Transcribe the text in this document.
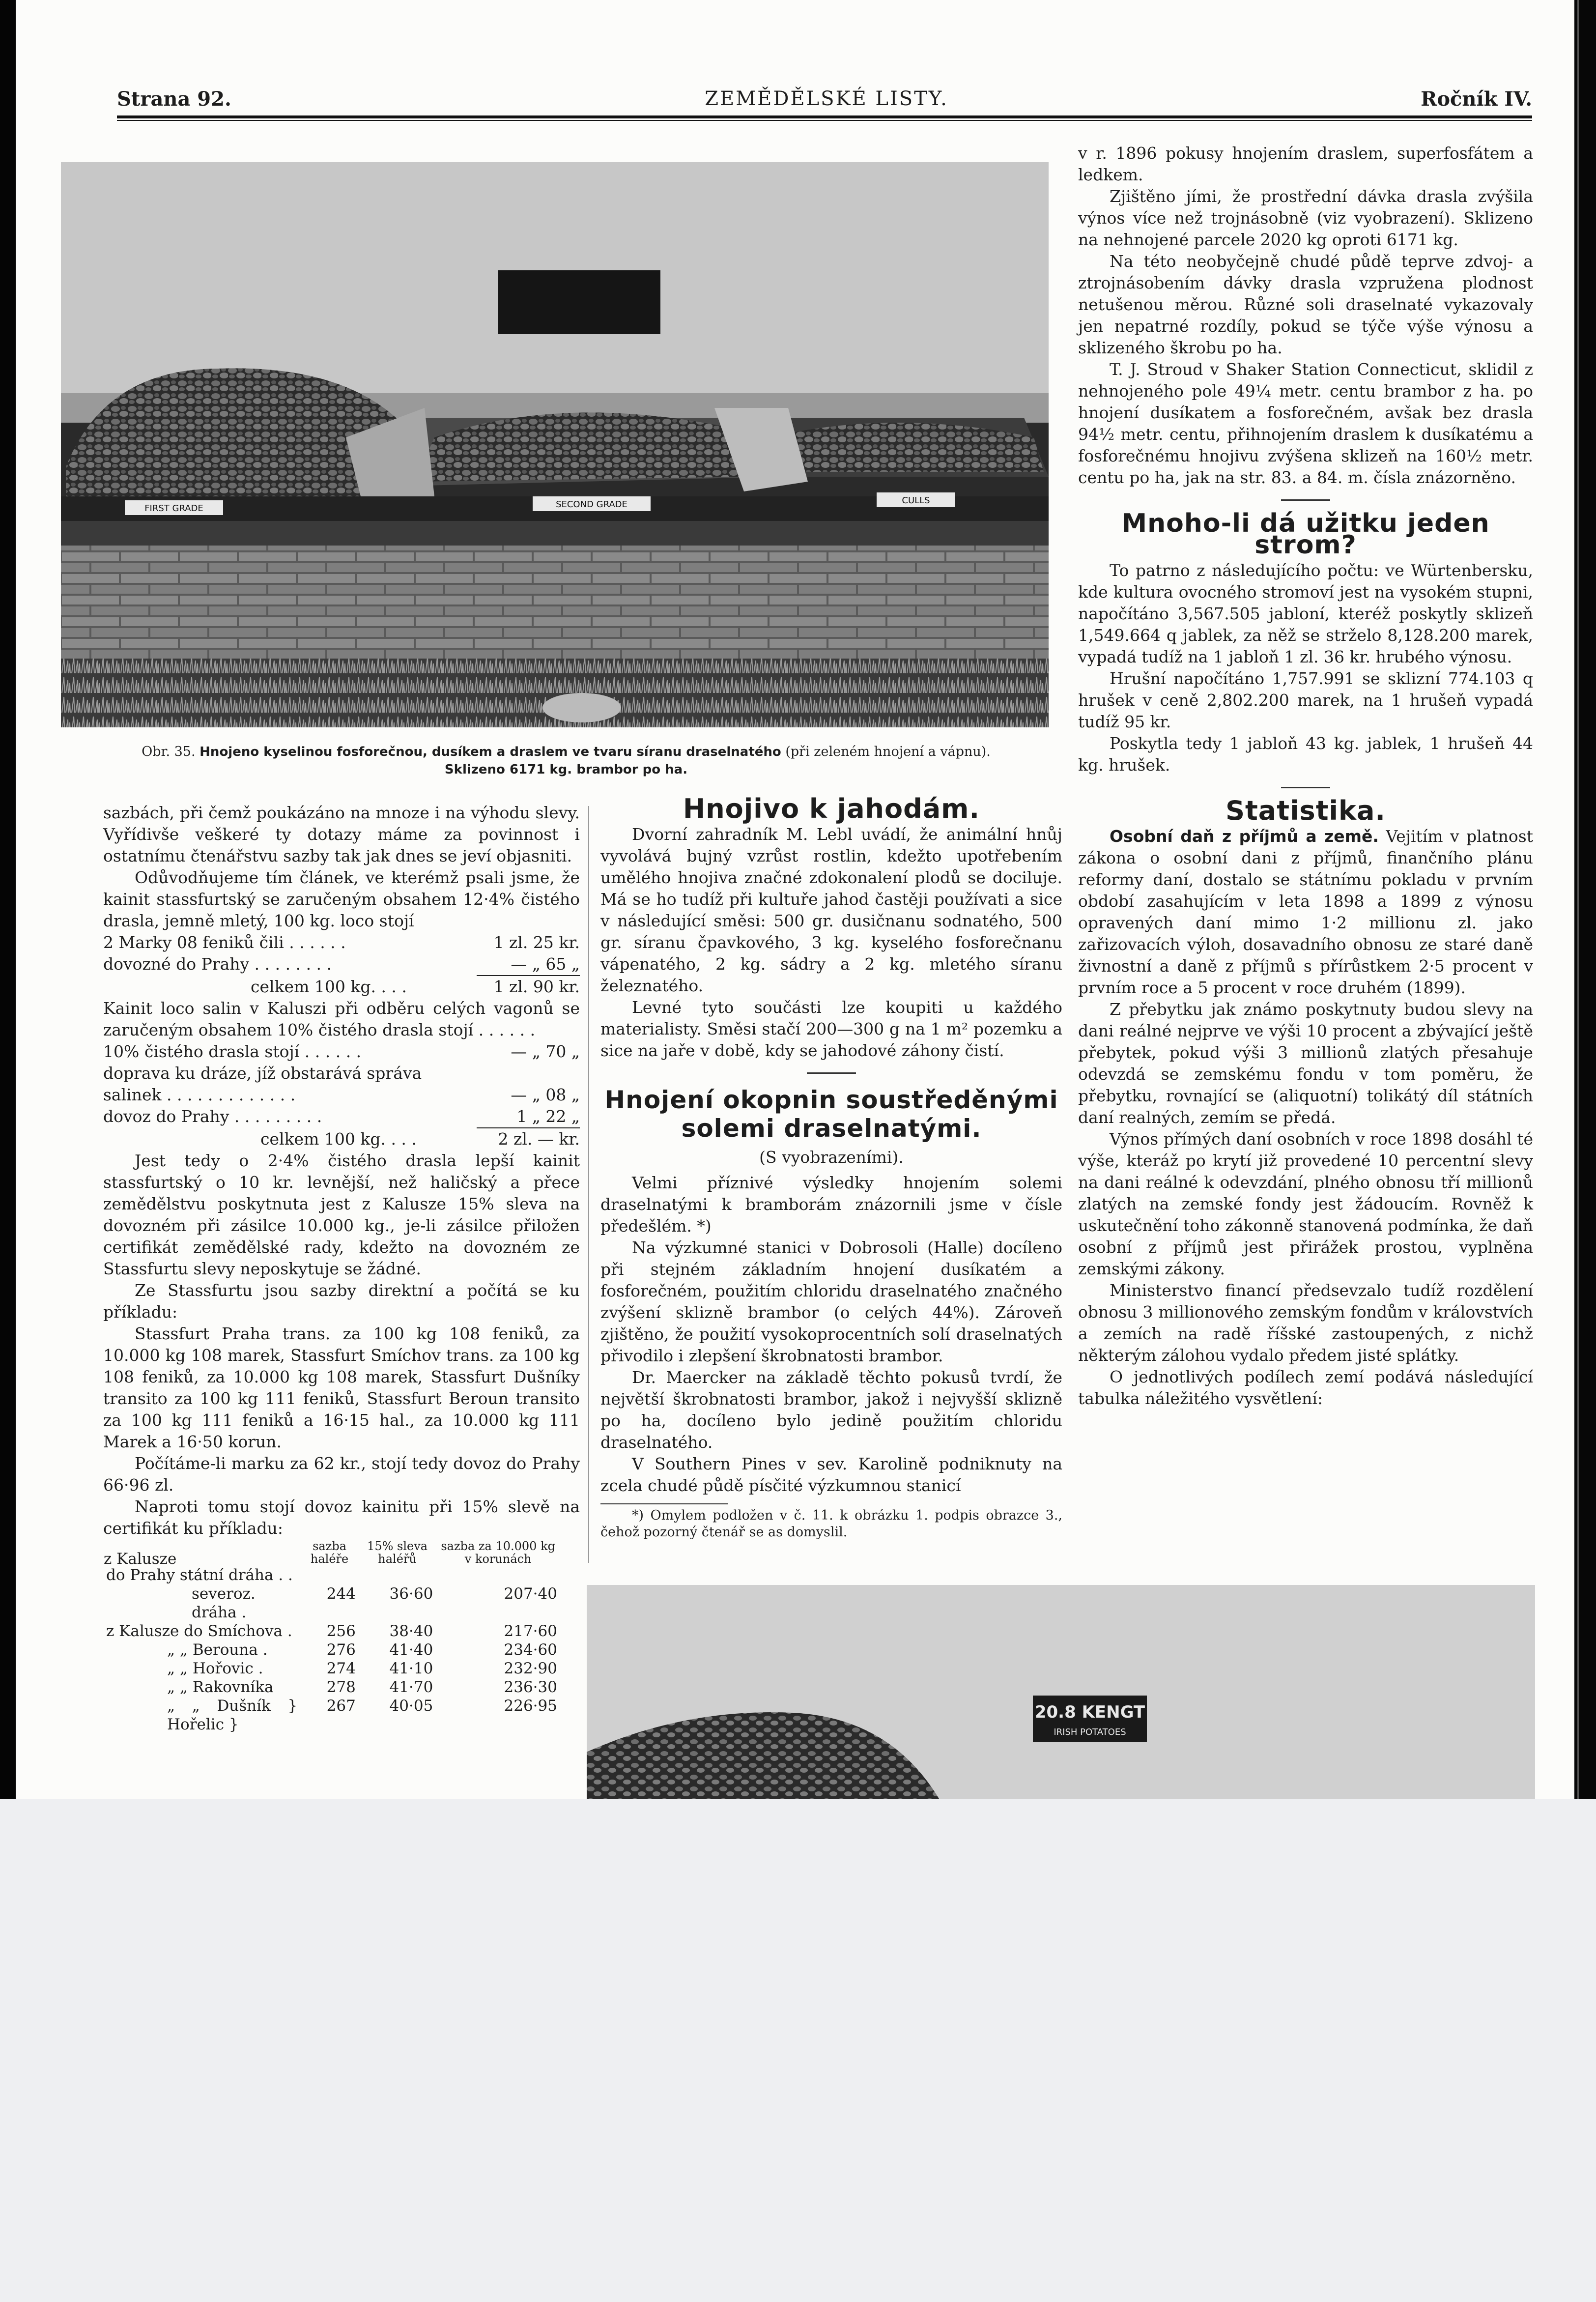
Strana 92.	ZEMĚDĚLSKÉ LISTY.	Ročník IV.
FIRST GRADE	SECOND GRADE	CULLS
Obr. 35. Hnojeno kyselinou fosforečnou, dusíkem a draslem ve tvaru síranu draselnatého (při zeleném hnojení a vápnu).
Sklizeno 6171 kg. brambor po ha.

sazbách, při čemž poukázáno na mnoze i na výhodu slevy. Vyřídivše veškeré ty dotazy máme za povinnost i ostatnímu čtenářstvu sazby tak jak dnes se jeví objasniti.

Odůvodňujeme tím článek, ve kterémž psali jsme, že kainit stassfurtský se zaručeným obsahem 12·4% čistého drasla, jemně mletý, 100 kg. loco stojí

2 Marky 08 feniků čili . . . . . .	1 zl. 25 kr.
dovozné do Prahy . . . . . . . .	— „ 65 „
celkem 100 kg. . . .	1 zl. 90 kr.

Kainit loco salin v Kaluszi při odběru celých vagonů se zaručeným obsahem 10% čistého drasla stojí . . . . . .

10% čistého drasla stojí . . . . . .	— „ 70 „
doprava ku dráze, jíž obstarává správa
salinek . . . . . . . . . . . . .	— „ 08 „
dovoz do Prahy . . . . . . . . .	1 „ 22 „
celkem 100 kg. . . .	2 zl. — kr.

Jest tedy o 2·4% čistého drasla lepší kainit stassfurtský o 10 kr. levnější, než haličský a přece zemědělstvu poskytnuta jest z Kalusze 15% sleva na dovozném při zásilce 10.000 kg., je-li zásilce přiložen certifikát zemědělské rady, kdežto na dovozném ze Stassfurtu slevy neposkytuje se žádné.

Ze Stassfurtu jsou sazby direktní a počítá se ku příkladu:

Stassfurt Praha trans. za 100 kg 108 feniků, za 10.000 kg 108 marek, Stassfurt Smíchov trans. za 100 kg 108 feniků, za 10.000 kg 108 marek, Stassfurt Dušníky transito za 100 kg 111 feniků, Stassfurt Beroun transito za 100 kg 111 feniků a 16·15 hal., za 10.000 kg 111 Marek a 16·50 korun.

Počítáme-li marku za 62 kr., stojí tedy dovoz do Prahy 66·96 zl.

Naproti tomu stojí dovoz kainitu při 15% slevě na certifikát ku příkladu:

z Kalusze	sazba haléře	15% sleva haléřů	sazba za 10.000 kg v korunách
do Prahy státní dráha . .	244	36·60	207·40
severoz. dráha .			
z Kalusze do Smíchova .	256	38·40	217·60
„ „ Berouna .	276	41·40	234·60
„ „ Hořovic .	274	41·10	232·90
„ „ Rakovníka	278	41·70	236·30
„ „ Dušník } Hořelic }	267	40·05	226·95
Hnojivo k jahodám.

Dvorní zahradník M. Lebl uvádí, že animální hnůj vyvolává bujný vzrůst rostlin, kdežto upotřebením umělého hnojiva značné zdokonalení plodů se dociluje. Má se ho tudíž při kultuře jahod častěji používati a sice v následující směsi: 500 gr. dusičnanu sodnatého, 500 gr. síranu čpavkového, 3 kg. kyselého fosforečnanu vápenatého, 2 kg. sádry a 2 kg. mletého síranu železnatého.

Levné tyto součásti lze koupiti u každého materialisty. Směsi stačí 200—300 g na 1 m² pozemku a sice na jaře v době, kdy se jahodové záhony čistí.

Hnojení okopnin soustředěnými solemi draselnatými.
(S vyobrazeními).

Velmi příznivé výsledky hnojením solemi draselnatými k bramborám znázornili jsme v čísle předešlém. *)

Na výzkumné stanici v Dobrosoli (Halle) docíleno při stejném základním hnojení dusíkatém a fosforečném, použitím chloridu draselnatého značného zvýšení sklizně brambor (o celých 44%). Zároveň zjištěno, že použití vysokoprocentních solí draselnatých přivodilo i zlepšení škrobnatosti brambor.

Dr. Maercker na základě těchto pokusů tvrdí, že největší škrobnatosti brambor, jakož i nejvyšší sklizně po ha, docíleno bylo jedině použitím chloridu draselnatého.

V Southern Pines v sev. Karolině podniknuty na zcela chudé půdě písčité výzkumnou stanicí

*) Omylem podložen v č. 11. k obrázku 1. podpis obrazce 3., čehož pozorný čtenář se as domyslil.

v r. 1896 pokusy hnojením draslem, superfosfátem a ledkem.

Zjištěno jími, že prostřední dávka drasla zvýšila výnos více než trojnásobně (viz vyobrazení). Sklizeno na nehnojené parcele 2020 kg oproti 6171 kg.

Na této neobyčejně chudé půdě teprve zdvoj- a ztrojnásobením dávky drasla vzpružena plodnost netušenou měrou. Různé soli draselnaté vykazovaly jen nepatrné rozdíly, pokud se týče výše výnosu a sklizeného škrobu po ha.

T. J. Stroud v Shaker Station Connecticut, sklidil z nehnojeného pole 49¼ metr. centu brambor z ha. po hnojení dusíkatem a fosforečném, avšak bez drasla 94½ metr. centu, přihnojením draslem k dusíkatému a fosforečnému hnojivu zvýšena sklizeň na 160½ metr. centu po ha, jak na str. 83. a 84. m. čísla znázorněno.

Mnoho-li dá užitku jeden strom?

To patrno z následujícího počtu: ve Würtenbersku, kde kultura ovocného stromoví jest na vysokém stupni, napočítáno 3,567.505 jabloní, kteréž poskytly sklizeň 1,549.664 q jablek, za něž se strželo 8,128.200 marek, vypadá tudíž na 1 jabloň 1 zl. 36 kr. hrubého výnosu.

Hrušní napočítáno 1,757.991 se sklizní 774.103 q hrušek v ceně 2,802.200 marek, na 1 hrušeň vypadá tudíž 95 kr.

Poskytla tedy 1 jabloň 43 kg. jablek, 1 hrušeň 44 kg. hrušek.

Statistika.

Osobní daň z příjmů a země. Vejitím v platnost zákona o osobní dani z příjmů, finančního plánu reformy daní, dostalo se státnímu pokladu v prvním období zasahujícím v leta 1898 a 1899 z výnosu opravených daní mimo 1·2 millionu zl. jako zařizovacích výloh, dosavadního obnosu ze staré daně živnostní a daně z příjmů s přírůstkem 2·5 procent v prvním roce a 5 procent v roce druhém (1899).

Z přebytku jak známo poskytnuty budou slevy na dani reálné nejprve ve výši 10 procent a zbývající ještě přebytek, pokud výši 3 millionů zlatých přesahuje odevzdá se zemskému fondu v tom poměru, že přebytku, rovnající se (aliquotní) tolikátý díl státních daní realných, zemím se předá.

Výnos přímých daní osobních v roce 1898 dosáhl té výše, kteráž po krytí již provedené 10 percentní slevy na dani reálné k odevzdání, plného obnosu tří millionů zlatých na zemské fondy jest žádoucím. Rovněž k uskutečnění toho zákonně stanovená podmínka, že daň osobní z příjmů jest přirážek prostou, vyplněna zemskými zákony.

Ministerstvo financí předsevzalo tudíž rozdělení obnosu 3 millionového zemským fondům v královstvích a zemích na radě říšské zastoupených, z nichž některým zálohou vydalo předem jisté splátky.

O jednotlivých podílech zemí podává následující tabulka náležitého vysvětlení:

20.8 KENGT
IRISH POTATOES
